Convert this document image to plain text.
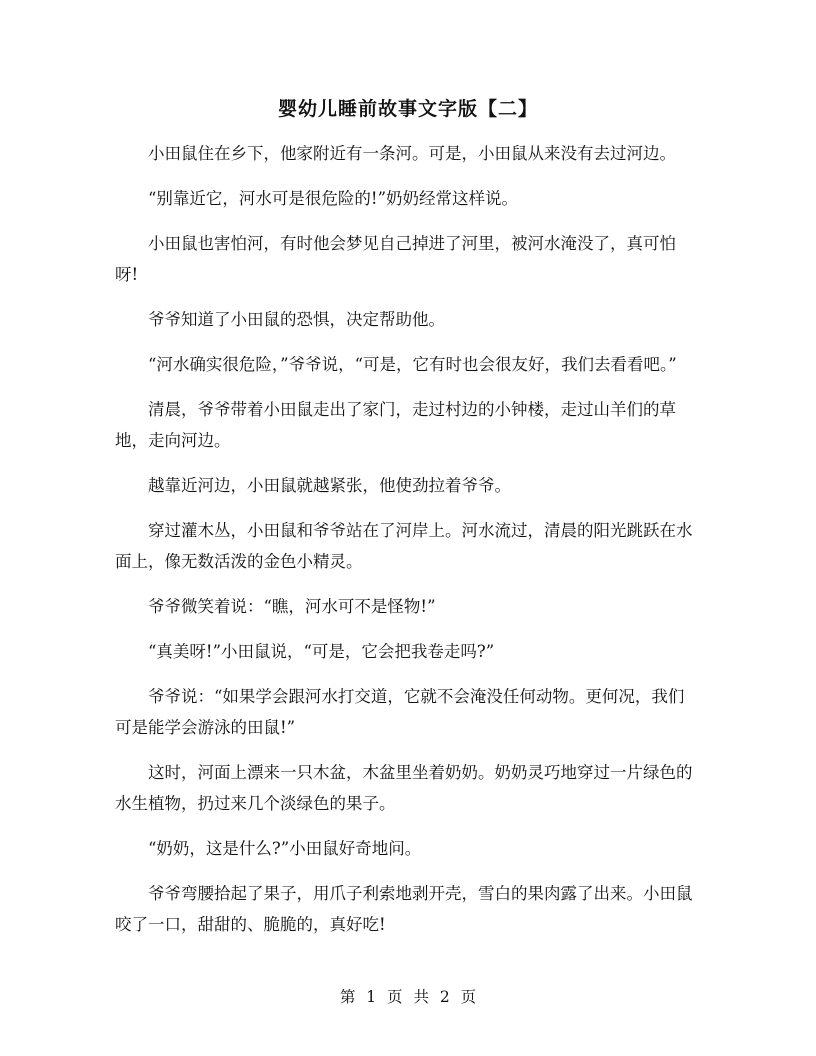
婴幼儿睡前故事文字版【二】

小田鼠住在乡下，他家附近有一条河。可是，小田鼠从来没有去过河边。

“别靠近它，河水可是很危险的!”奶奶经常这样说。

小田鼠也害怕河，有时他会梦见自己掉进了河里，被河水淹没了，真可怕呀!

爷爷知道了小田鼠的恐惧，决定帮助他。

“河水确实很危险，”爷爷说，“可是，它有时也会很友好，我们去看看吧。”

清晨，爷爷带着小田鼠走出了家门，走过村边的小钟楼，走过山羊们的草地，走向河边。

越靠近河边，小田鼠就越紧张，他使劲拉着爷爷。

穿过灌木丛，小田鼠和爷爷站在了河岸上。河水流过，清晨的阳光跳跃在水面上，像无数活泼的金色小精灵。

爷爷微笑着说：“瞧，河水可不是怪物!”

“真美呀!”小田鼠说，“可是，它会把我卷走吗?”

爷爷说：“如果学会跟河水打交道，它就不会淹没任何动物。更何况，我们可是能学会游泳的田鼠!”

这时，河面上漂来一只木盆，木盆里坐着奶奶。奶奶灵巧地穿过一片绿色的水生植物，扔过来几个淡绿色的果子。

“奶奶，这是什么?”小田鼠好奇地问。

爷爷弯腰拾起了果子，用爪子利索地剥开壳，雪白的果肉露了出来。小田鼠咬了一口，甜甜的、脆脆的，真好吃!

第 1 页 共 2 页
